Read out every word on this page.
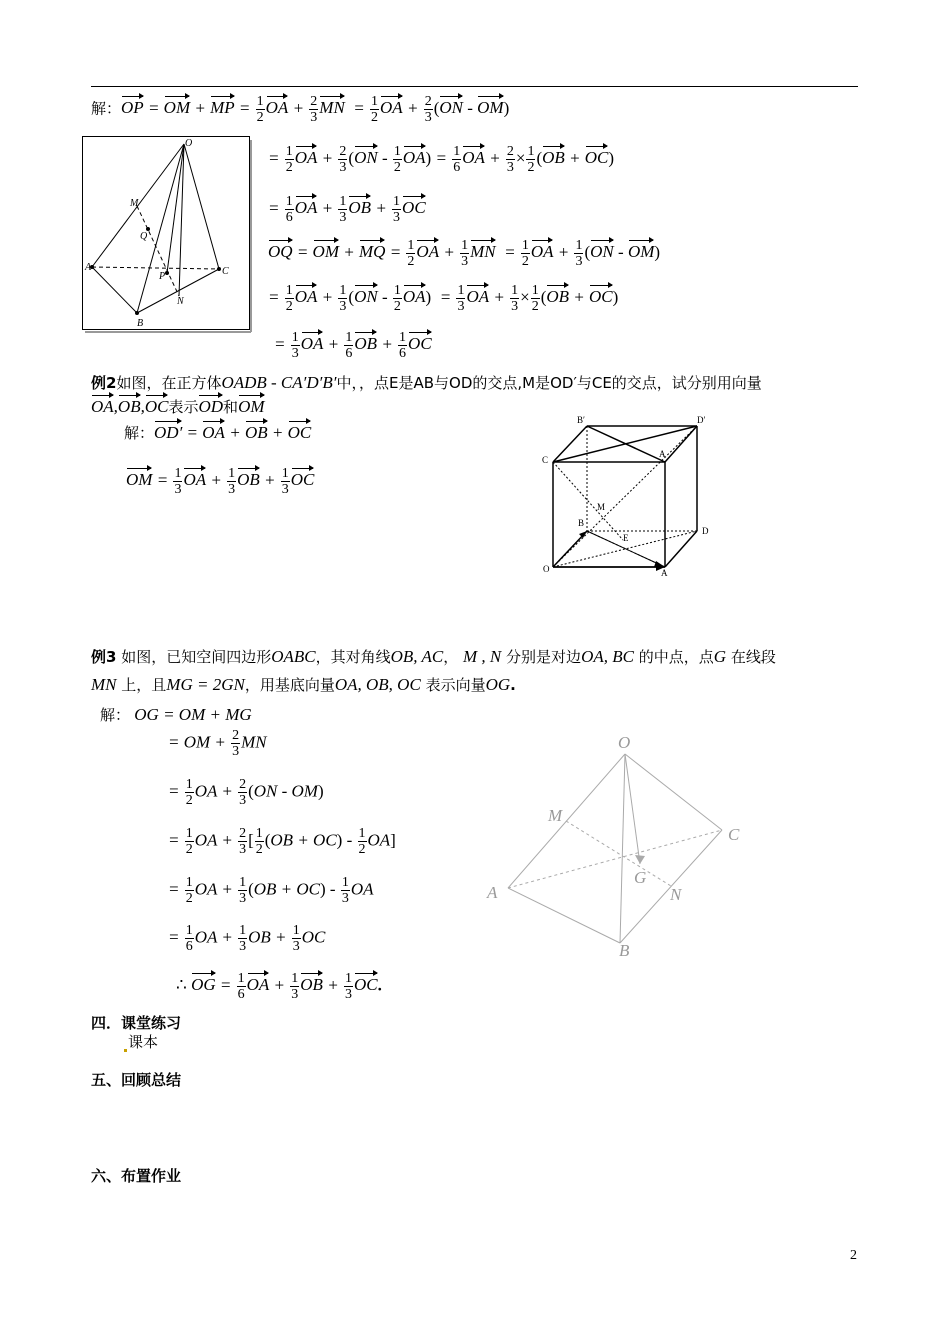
解：OP = OM + MP = $\frac{1}{2}$ OA + $\frac{2}{3}$ MN  = $\frac{1}{2}$ OA + $\frac{2}{3} (ON - OM)$
O
M
Q
A
P	C
N
B
= $\frac{1}{2}$ OA + $\frac{2}{3} (ON - \frac{1}{2} OA) = \frac{1}{6}$ OA + $\frac{2}{3} \times \frac{1}{2} (OB + OC)$
= $\frac{1}{6}$ OA + $\frac{1}{3}$ OB + $\frac{1}{3}$ OC
OQ = OM + MQ = $\frac{1}{2}$ OA + $\frac{1}{3}$ MN  = $\frac{1}{2}$ OA + $\frac{1}{3} (ON - OM)$
= $\frac{1}{2}$ OA + $\frac{1}{3} (ON - \frac{1}{2} OA) = \frac{1}{3}$ OA + $\frac{1}{3} \times \frac{1}{2} (OB + OC)$
= $\frac{1}{3}$ OA + $\frac{1}{6}$ OB + $\frac{1}{6}$ OC
例2如图，在正方体OADB - CA′D′B′中，，点E是AB与OD的交点,M是OD′与CE的交点，试分别用向量
OA,OB,OC表示OD和OM
解：OD′ = OA + OB + OC
OM = $\frac{1}{3}$ OA + $\frac{1}{3}$ OB + $\frac{1}{3}$ OC
B′	D′
C
A
M
B
E
D
O	A
例3 如图，已知空间四边形OABC，其对角线OB, AC， M , N 分别是对边OA, BC 的中点，点G 在线段
MN 上，且MG = 2GN，用基底向量OA, OB, OC 表示向量OG.
解： OG = OM + MG
= OM + $\frac{2}{3}$ MN
= $\frac{1}{2}$ OA + $\frac{2}{3} (ON - OM)$
= $\frac{1}{2}$ OA + $\frac{2}{3}$ [ $\frac{1}{2} (OB + OC) - \frac{1}{2} OA$]
= $\frac{1}{2}$ OA + $\frac{1}{3} (OB + OC) - \frac{1}{3}$ OA
= $\frac{1}{6}$ OA + $\frac{1}{3}$ OB + $\frac{1}{3}$ OC
∴ OG = $\frac{1}{6}$ OA + $\frac{1}{3}$ OB + $\frac{1}{3}$ OC.
O
M
C
G
A	N
B
四．课堂练习
课本
五、回顾总结
六、布置作业
2
